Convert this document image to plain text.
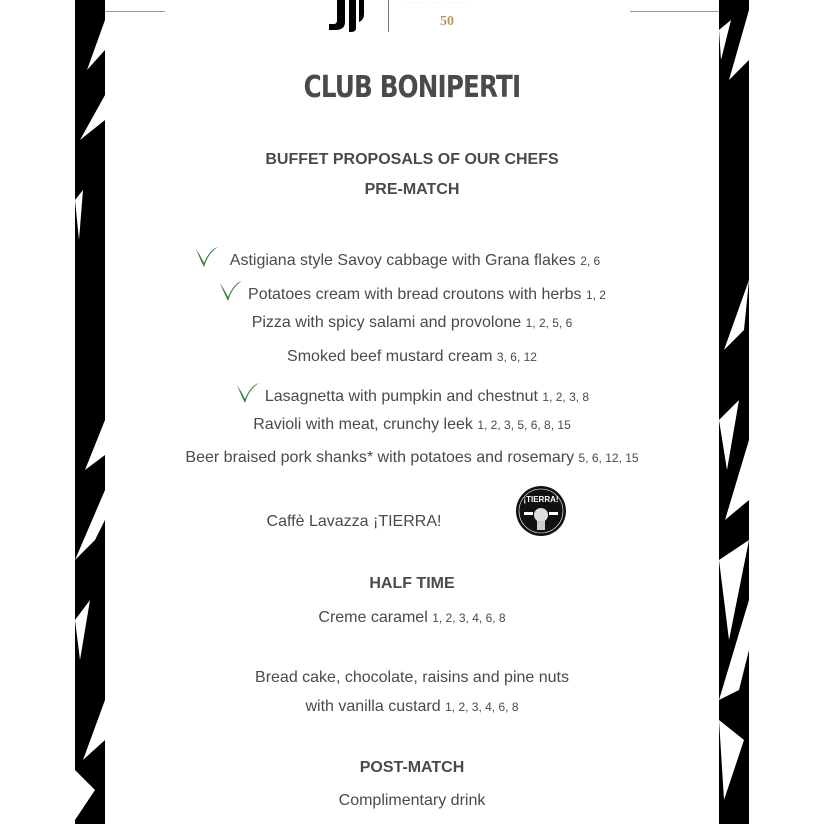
·········· ······ ·········
50
CLUB BONIPERTI
BUFFET PROPOSALS OF OUR CHEFS
PRE-MATCH
Astigiana style Savoy cabbage with Grana flakes 2, 6
Potatoes cream with bread croutons with herbs 1, 2
Pizza with spicy salami and provolone 1, 2, 5, 6
Smoked beef mustard cream 3, 6, 12
Lasagnetta with pumpkin and chestnut 1, 2, 3, 8
Ravioli with meat, crunchy leek 1, 2, 3, 5, 6, 8, 15
Beer braised pork shanks* with potatoes and rosemary 5, 6, 12, 15
Caffè Lavazza ¡TIERRA!
¡TIERRA!
HALF TIME
Creme caramel 1, 2, 3, 4, 6, 8
Bread cake, chocolate, raisins and pine nuts
with vanilla custard 1, 2, 3, 4, 6, 8
POST-MATCH
Complimentary drink
